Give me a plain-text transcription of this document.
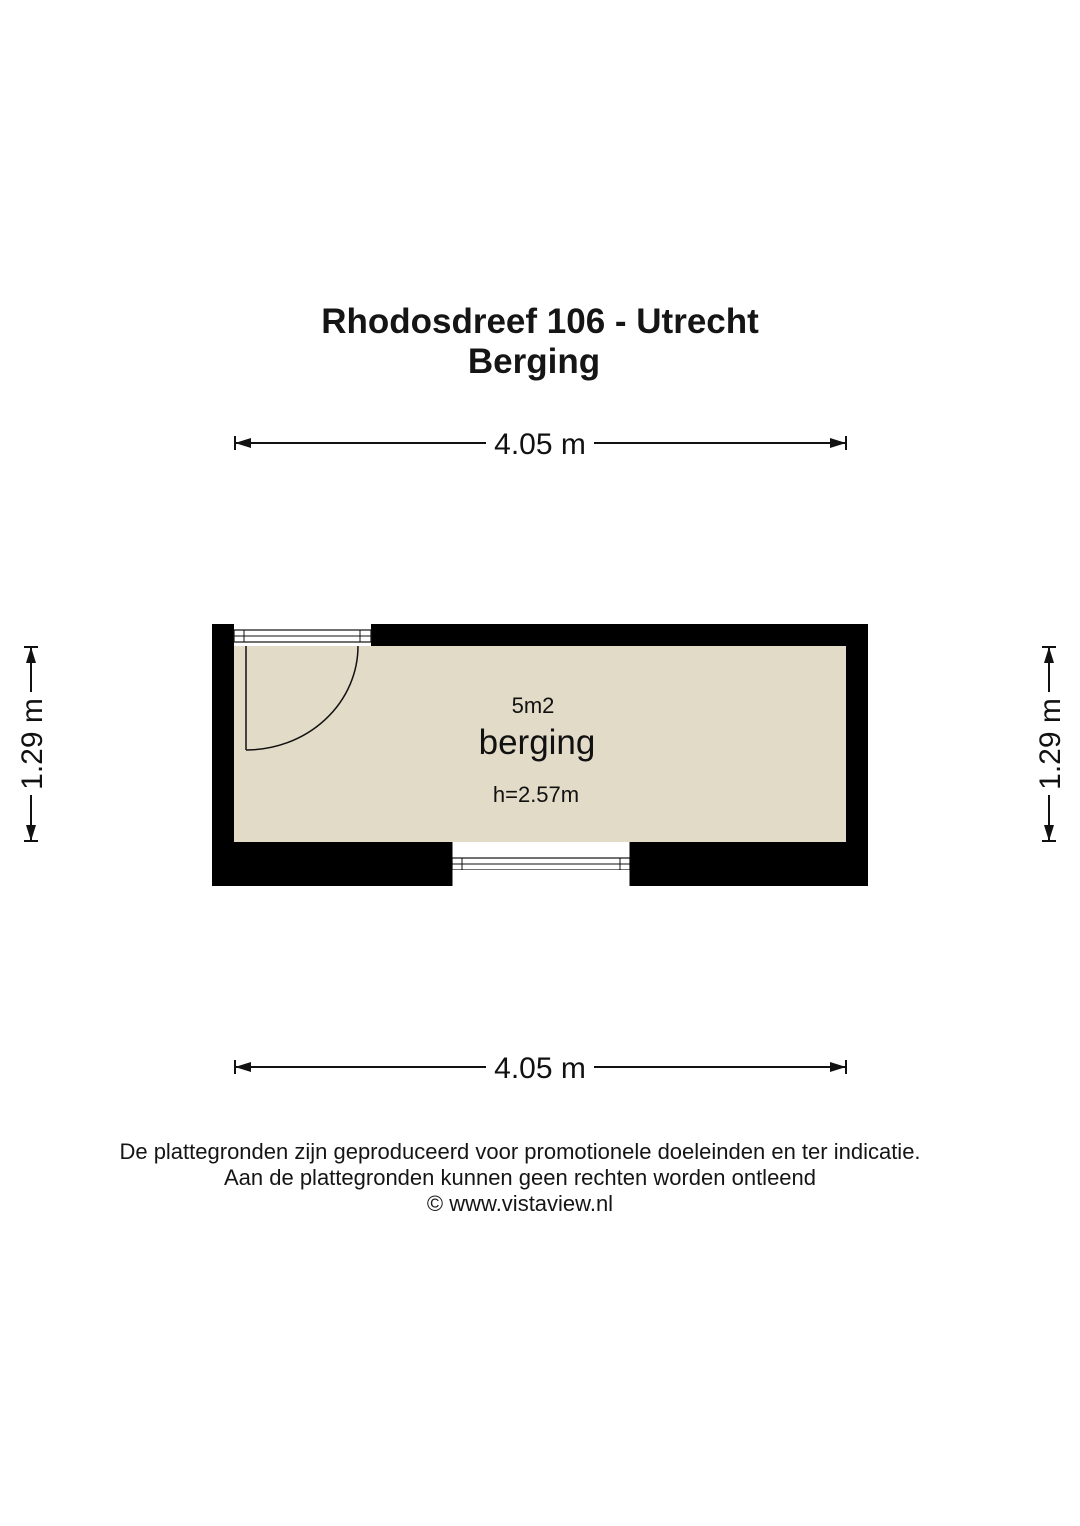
Rhodosdreef 106 - Utrecht
Berging
4.05 m
4.05 m
1.29 m	1.29 m
5m2
berging
h=2.57m
De plattegronden zijn geproduceerd voor promotionele doeleinden en ter indicatie.
Aan de plattegronden kunnen geen rechten worden ontleend
© www.vistaview.nl
